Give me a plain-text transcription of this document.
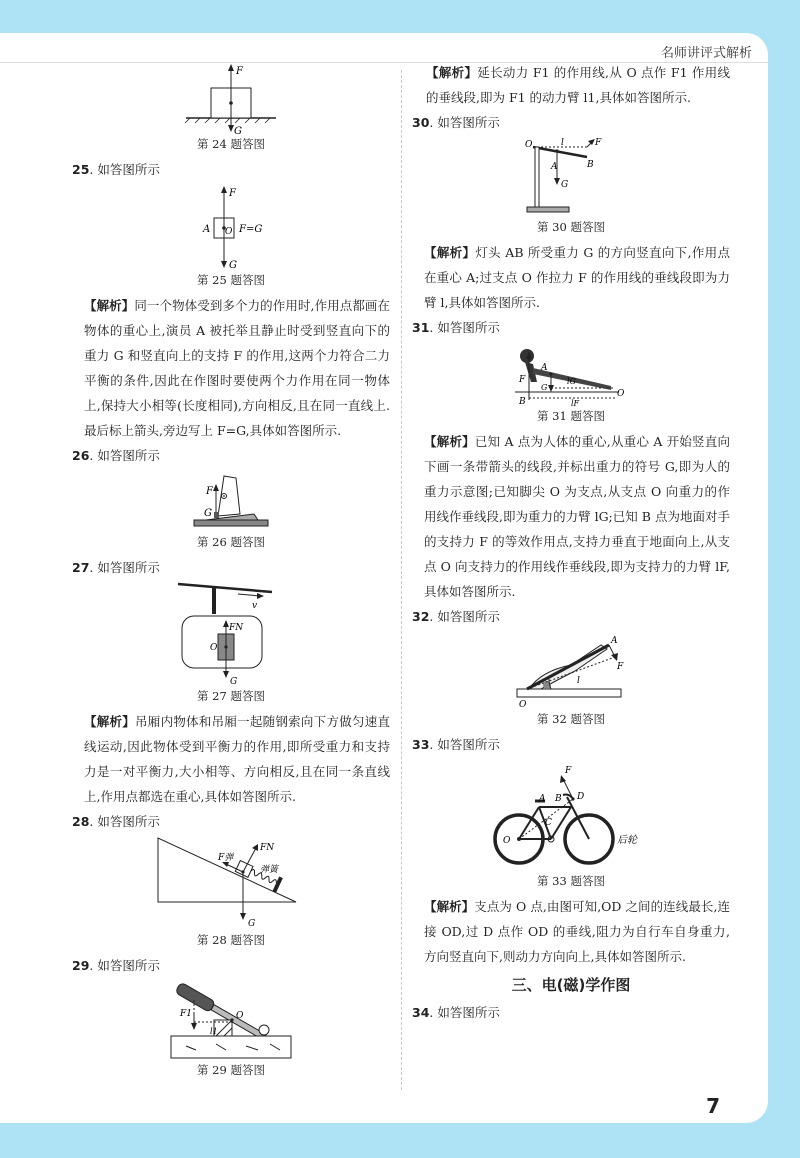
名师讲评式解析
7
F
G
第 24 题答图
25. 如答图所示
F
A O F=G
G
第 25 题答图

【解析】同一个物体受到多个力的作用时,作用点都画在物体的重心上,演员 A 被托举且静止时受到竖直向下的重力 G 和竖直向上的支持 F 的作用,这两个力符合二力平衡的条件,因此在作图时要使两个力作用在同一物体上,保持大小相等(长度相同),方向相反,且在同一直线上. 最后标上箭头,旁边写上 F=G,具体如答图所示.

26. 如答图所示
F
G
第 26 题答图
27. 如答图所示
v
FN
O
G
第 27 题答图

【解析】吊厢内物体和吊厢一起随钢索向下方做匀速直线运动,因此物体受到平衡力的作用,即所受重力和支持力是一对平衡力,大小相等、方向相反,且在同一条直线上,作用点都选在重心,具体如答图所示.

28. 如答图所示
FN
F弹
G
弹簧
第 28 题答图
29. 如答图所示
F1
l1
O
第 29 题答图

【解析】延长动力 F1 的作用线,从 O 点作 F1 作用线的垂线段,即为 F1 的动力臂 l1,具体如答图所示.

30. 如答图所示
O	l	F
B
A
G
第 30 题答图

【解析】灯头 AB 所受重力 G 的方向竖直向下,作用点在重心 A;过支点 O 作拉力 F 的作用线的垂线段即为力臂 l,具体如答图所示.

31. 如答图所示
A
B
G
F	lG
lF
O
第 31 题答图

【解析】已知 A 点为人体的重心,从重心 A 开始竖直向下画一条带箭头的线段,并标出重力的符号 G,即为人的重力示意图;已知脚尖 O 为支点,从支点 O 向重力的作用线作垂线段,即为重力的力臂 lG;已知 B 点为地面对手的支持力 F 的等效作用点,支持力垂直于地面向上,从支点 O 向支持力的作用线作垂线段,即为支持力的力臂 lF,具体如答图所示.

32. 如答图所示
A
F
l
O
第 32 题答图
33. 如答图所示
F
A B D
C
O	后轮
第 33 题答图

【解析】支点为 O 点,由图可知,OD 之间的连线最长,连接 OD,过 D 点作 OD 的垂线,阻力为自行车自身重力,方向竖直向下,则动力方向向上,具体如答图所示.

三、电(磁)学作图
34. 如答图所示
